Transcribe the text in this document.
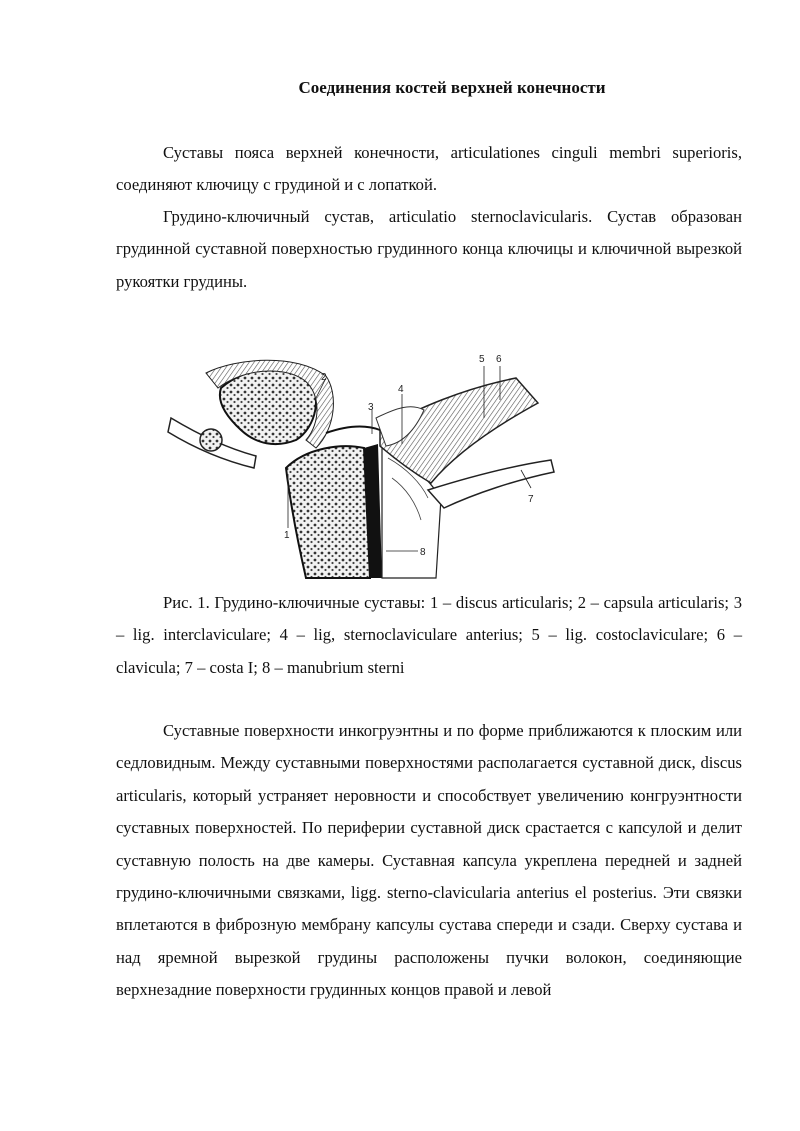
Соединения костей верхней конечности

Суставы пояса верхней конечности, articulationes cinguli membri superioris, соединяют ключицу с грудиной и с лопаткой.

Грудино-ключичный сустав, articulatio sternoclavicularis. Сустав образован грудинной суставной поверхностью грудинного конца ключицы и ключичной вырезкой рукоятки грудины.

1
2
3
4
5 6
7
8

Рис. 1. Грудино-ключичные суставы: 1 – discus articularis; 2 – capsula articularis; 3 – lig. interclaviculare; 4 – lig, sternoclaviculare anterius; 5 – lig. costoclaviculare; 6 – clavicula; 7 – costa I; 8 – manubrium sterni

Суставные поверхности инкогруэнтны и по форме приближаются к плоским или седловидным. Между суставными поверхностями располагается суставной диск, discus articularis, который устраняет неровности и способствует увеличению конгруэнтности суставных поверхностей. По периферии суставной диск срастается с капсулой и делит суставную полость на две камеры. Суставная капсула укреплена передней и задней грудино-ключичными связками, ligg. sterno-clavicularia anterius el posterius. Эти связки вплетаются в фиброзную мембрану капсулы сустава спереди и сзади. Сверху сустава и над яремной вырезкой грудины расположены пучки волокон, соединяющие верхнезадние поверхности грудинных концов правой и левой
